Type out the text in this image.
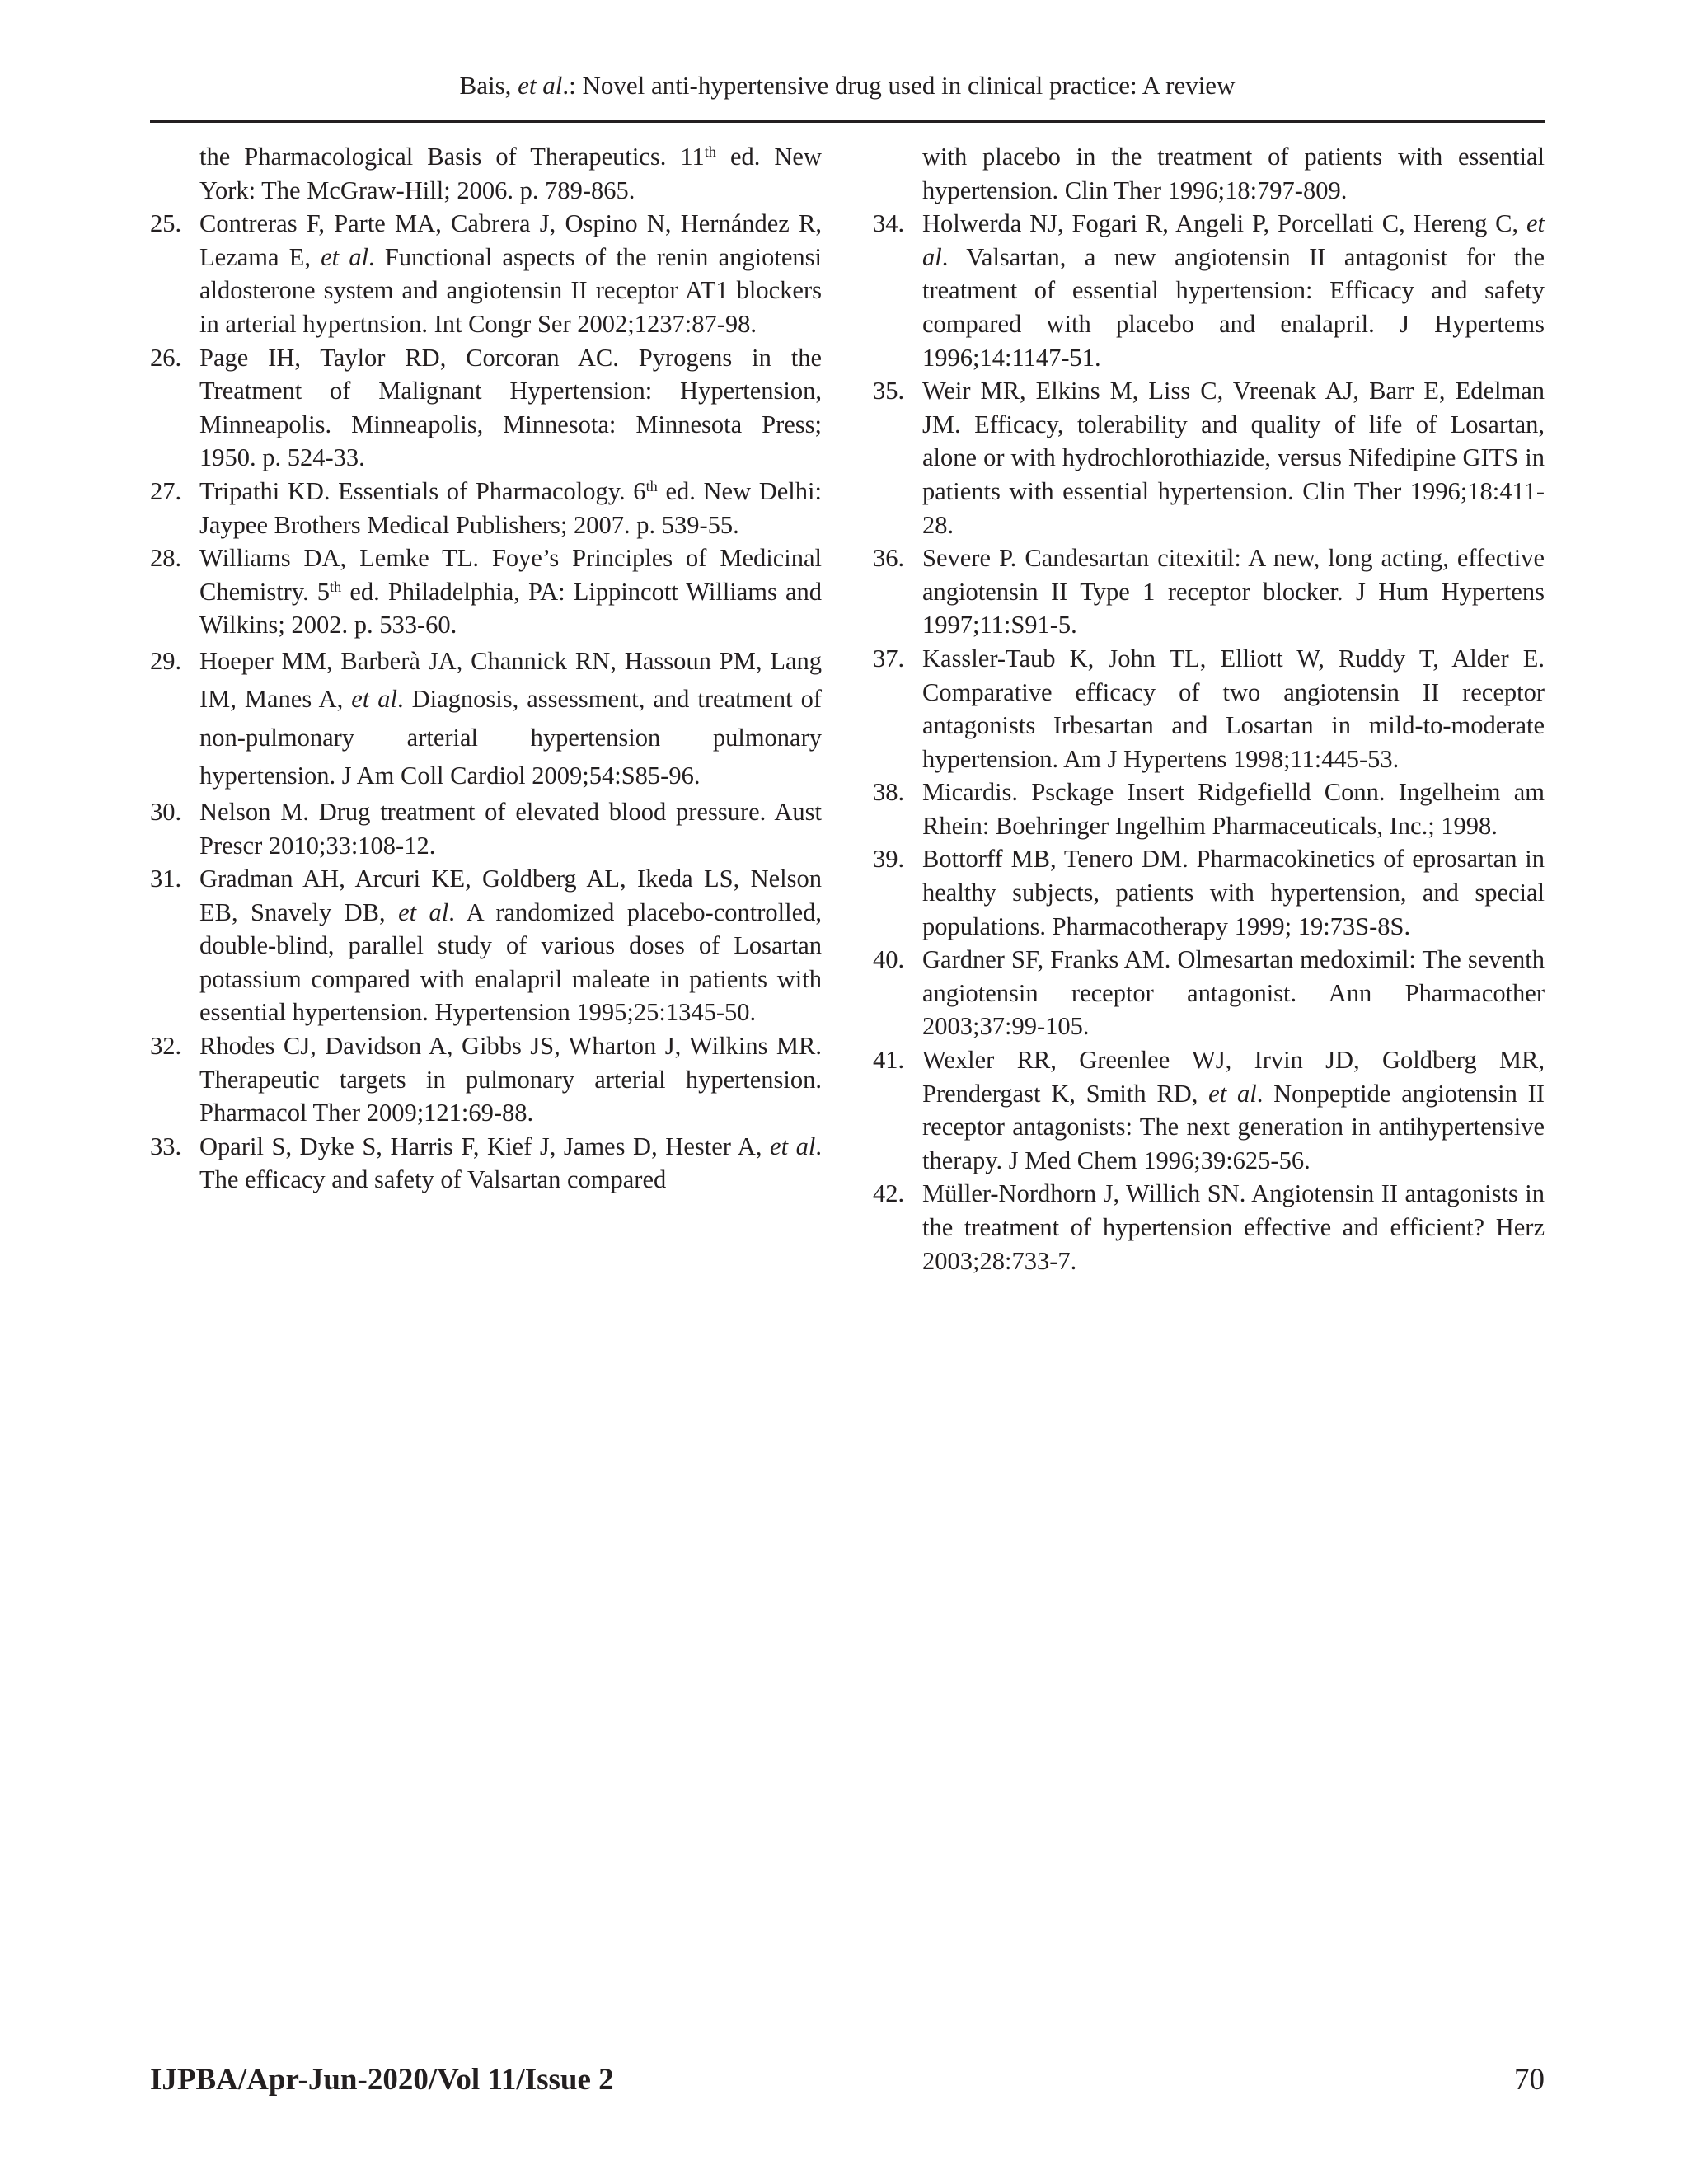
Bais, et al.: Novel anti-hypertensive drug used in clinical practice: A review
the Pharmacological Basis of Therapeutics. 11th ed. New York: The McGraw-Hill; 2006. p. 789-865.
25. Contreras F, Parte MA, Cabrera J, Ospino N, Hernández R, Lezama E, et al. Functional aspects of the renin angiotensi aldosterone system and angiotensin II receptor AT1 blockers in arterial hypertnsion. Int Congr Ser 2002;1237:87-98.
26. Page IH, Taylor RD, Corcoran AC. Pyrogens in the Treatment of Malignant Hypertension: Hypertension, Minneapolis. Minneapolis, Minnesota: Minnesota Press; 1950. p. 524-33.
27. Tripathi KD. Essentials of Pharmacology. 6th ed. New Delhi: Jaypee Brothers Medical Publishers; 2007. p. 539-55.
28. Williams DA, Lemke TL. Foye’s Principles of Medicinal Chemistry. 5th ed. Philadelphia, PA: Lippincott Williams and Wilkins; 2002. p. 533-60.
29. Hoeper MM, Barberà JA, Channick RN, Hassoun PM, Lang IM, Manes A, et al. Diagnosis, assessment, and treatment of non-pulmonary arterial hypertension pulmonary hypertension. J Am Coll Cardiol 2009;54:S85-96.
30. Nelson M. Drug treatment of elevated blood pressure. Aust Prescr 2010;33:108-12.
31. Gradman AH, Arcuri KE, Goldberg AL, Ikeda LS, Nelson EB, Snavely DB, et al. A randomized placebo-controlled, double-blind, parallel study of various doses of Losartan potassium compared with enalapril maleate in patients with essential hypertension. Hypertension 1995;25:1345-50.
32. Rhodes CJ, Davidson A, Gibbs JS, Wharton J, Wilkins MR. Therapeutic targets in pulmonary arterial hypertension. Pharmacol Ther 2009;121:69-88.
33. Oparil S, Dyke S, Harris F, Kief J, James D, Hester A, et al. The efficacy and safety of Valsartan compared
with placebo in the treatment of patients with essential hypertension. Clin Ther 1996;18:797-809.
34. Holwerda NJ, Fogari R, Angeli P, Porcellati C, Hereng C, et al. Valsartan, a new angiotensin II antagonist for the treatment of essential hypertension: Efficacy and safety compared with placebo and enalapril. J Hypertems 1996;14:1147-51.
35. Weir MR, Elkins M, Liss C, Vreenak AJ, Barr E, Edelman JM. Efficacy, tolerability and quality of life of Losartan, alone or with hydrochlorothiazide, versus Nifedipine GITS in patients with essential hypertension. Clin Ther 1996;18:411-28.
36. Severe P. Candesartan citexitil: A new, long acting, effective angiotensin II Type 1 receptor blocker. J Hum Hypertens 1997;11:S91-5.
37. Kassler-Taub K, John TL, Elliott W, Ruddy T, Alder E. Comparative efficacy of two angiotensin II receptor antagonists Irbesartan and Losartan in mild-to-moderate hypertension. Am J Hypertens 1998;11:445-53.
38. Micardis. Psckage Insert Ridgefielld Conn. Ingelheim am Rhein: Boehringer Ingelhim Pharmaceuticals, Inc.; 1998.
39. Bottorff MB, Tenero DM. Pharmacokinetics of eprosartan in healthy subjects, patients with hypertension, and special populations. Pharmacotherapy 1999; 19:73S-8S.
40. Gardner SF, Franks AM. Olmesartan medoximil: The seventh angiotensin receptor antagonist. Ann Pharmacother 2003;37:99-105.
41. Wexler RR, Greenlee WJ, Irvin JD, Goldberg MR, Prendergast K, Smith RD, et al. Nonpeptide angiotensin II receptor antagonists: The next generation in antihypertensive therapy. J Med Chem 1996;39:625-56.
42. Müller-Nordhorn J, Willich SN. Angiotensin II antagonists in the treatment of hypertension effective and efficient? Herz 2003;28:733-7.
IJPBA/Apr-Jun-2020/Vol 11/Issue 2	70
